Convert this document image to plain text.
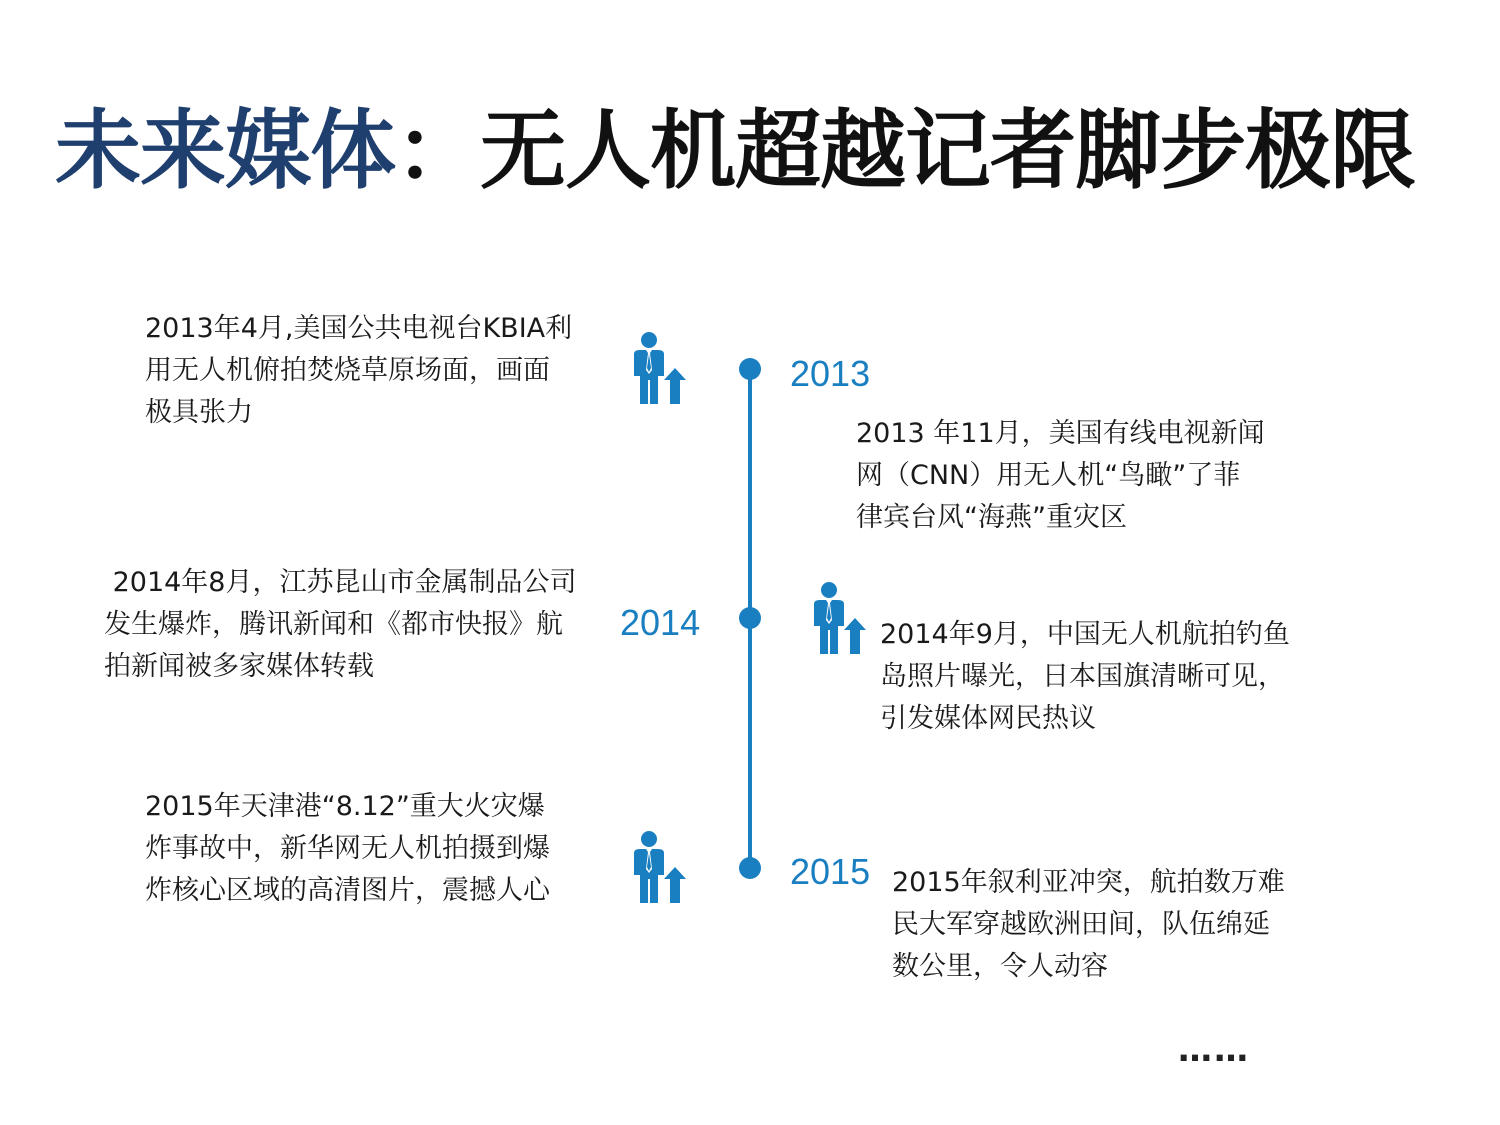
未来媒体：无人机超越记者脚步极限
2013
2014
2015

2013年4月,美国公共电视台KBIA利
用无人机俯拍焚烧草原场面，画面
极具张力

2013 年11月，美国有线电视新闻
网（CNN）用无人机“鸟瞰”了菲
律宾台风“海燕”重灾区

2014年8月，江苏昆山市金属制品公司
发生爆炸，腾讯新闻和《都市快报》航
拍新闻被多家媒体转载

2014年9月，中国无人机航拍钓鱼
岛照片曝光，日本国旗清晰可见，
引发媒体网民热议

2015年天津港“8.12”重大火灾爆
炸事故中，新华网无人机拍摄到爆
炸核心区域的高清图片，震撼人心	2015年叙利亚冲突，航拍数万难
民大军穿越欧洲田间，队伍绵延
数公里，令人动容

……
